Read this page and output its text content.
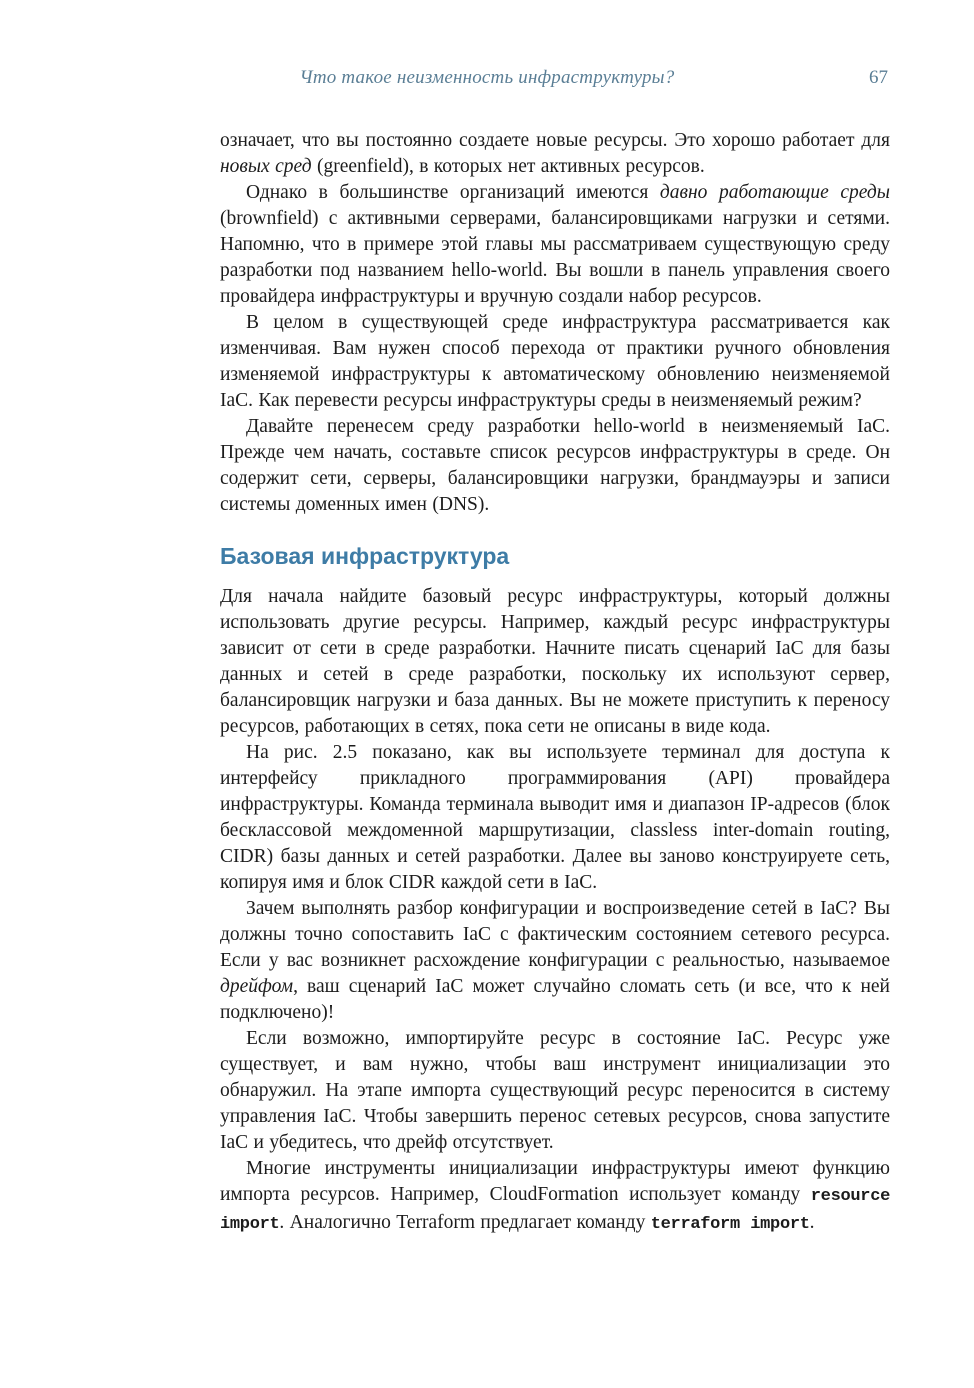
Что такое неизменность инфраструктуры?	67

означает, что вы постоянно создаете новые ресурсы. Это хорошо работает для новых сред (greenfield), в которых нет активных ресурсов.

Однако в большинстве организаций имеются давно работающие среды (brownfield) с активными серверами, балансировщиками нагрузки и сетями. Напомню, что в примере этой главы мы рассматриваем существующую среду разработки под названием hello-world. Вы вошли в панель управления своего провайдера инфраструктуры и вручную создали набор ресурсов.

В целом в существующей среде инфраструктура рассматривается как изменчивая. Вам нужен способ перехода от практики ручного обновления изменяемой инфраструктуры к автоматическому обновлению неизменяемой IaC. Как перевести ресурсы инфраструктуры среды в неизменяемый режим?

Давайте перенесем среду разработки hello-world в неизменяемый IaC. Прежде чем начать, составьте список ресурсов инфраструктуры в среде. Он содержит сети, серверы, балансировщики нагрузки, брандмауэры и записи системы доменных имен (DNS).

Базовая инфраструктура

Для начала найдите базовый ресурс инфраструктуры, который должны использовать другие ресурсы. Например, каждый ресурс инфраструктуры зависит от сети в среде разработки. Начните писать сценарий IaC для базы данных и сетей в среде разработки, поскольку их используют сервер, балансировщик нагрузки и база данных. Вы не можете приступить к переносу ресурсов, работающих в сетях, пока сети не описаны в виде кода.

На рис. 2.5 показано, как вы используете терминал для доступа к интерфейсу прикладного программирования (API) провайдера инфраструктуры. Команда терминала выводит имя и диапазон IP-адресов (блок бесклассовой междоменной маршрутизации, classless inter-domain routing, CIDR) базы данных и сетей разработки. Далее вы заново конструируете сеть, копируя имя и блок CIDR каждой сети в IaC.

Зачем выполнять разбор конфигурации и воспроизведение сетей в IaC? Вы должны точно сопоставить IaC с фактическим состоянием сетевого ресурса. Если у вас возникнет расхождение конфигурации с реальностью, называемое дрейфом, ваш сценарий IaC может случайно сломать сеть (и все, что к ней подключено)!

Если возможно, импортируйте ресурс в состояние IaC. Ресурс уже существует, и вам нужно, чтобы ваш инструмент инициализации это обнаружил. На этапе импорта существующий ресурс переносится в систему управления IaC. Чтобы завершить перенос сетевых ресурсов, снова запустите IaC и убедитесь, что дрейф отсутствует.

Многие инструменты инициализации инфраструктуры имеют функцию импорта ресурсов. Например, CloudFormation использует команду resource import. Аналогично Terraform предлагает команду terraform import.
